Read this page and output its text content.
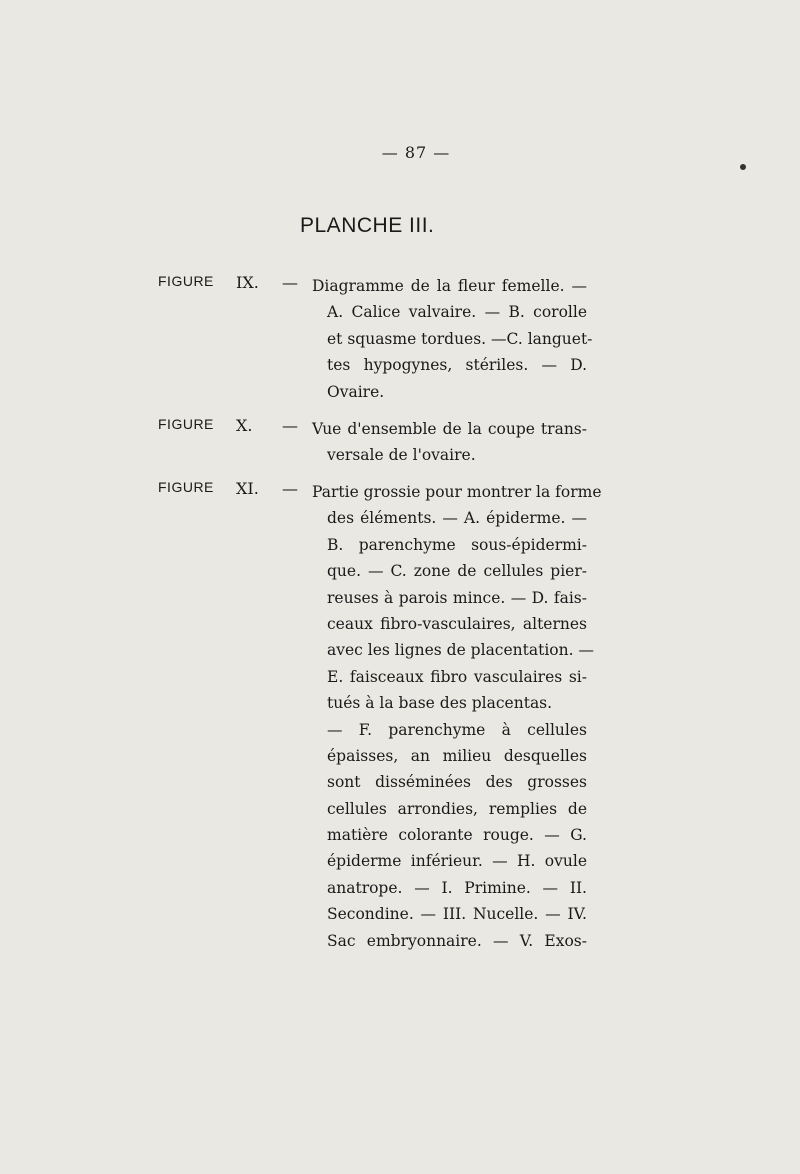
— 87 —
PLANCHE III.
FIGURE IX. — Diagramme de la fleur femelle. —
A. Calice valvaire. — B. corolle
et squasme tordues. —C. languet-
tes hypogynes, stériles. — D.
Ovaire.
FIGURE X. — Vue d'ensemble de la coupe trans-
versale de l'ovaire.
FIGURE XI. — Partie grossie pour montrer la forme
des éléments. — A. épiderme. —
B. parenchyme sous-épidermi-
que. — C. zone de cellules pier-
reuses à parois mince. — D. fais-
ceaux fibro-vasculaires, alternes
avec les lignes de placentation. —
E. faisceaux fibro vasculaires si-
tués à la base des placentas.
— F. parenchyme à cellules
épaisses, an milieu desquelles
sont disséminées des grosses
cellules arrondies, remplies de
matière colorante rouge. — G.
épiderme inférieur. — H. ovule
anatrope. — I. Primine. — II.
Secondine. — III. Nucelle. — IV.
Sac embryonnaire. — V. Exos-
